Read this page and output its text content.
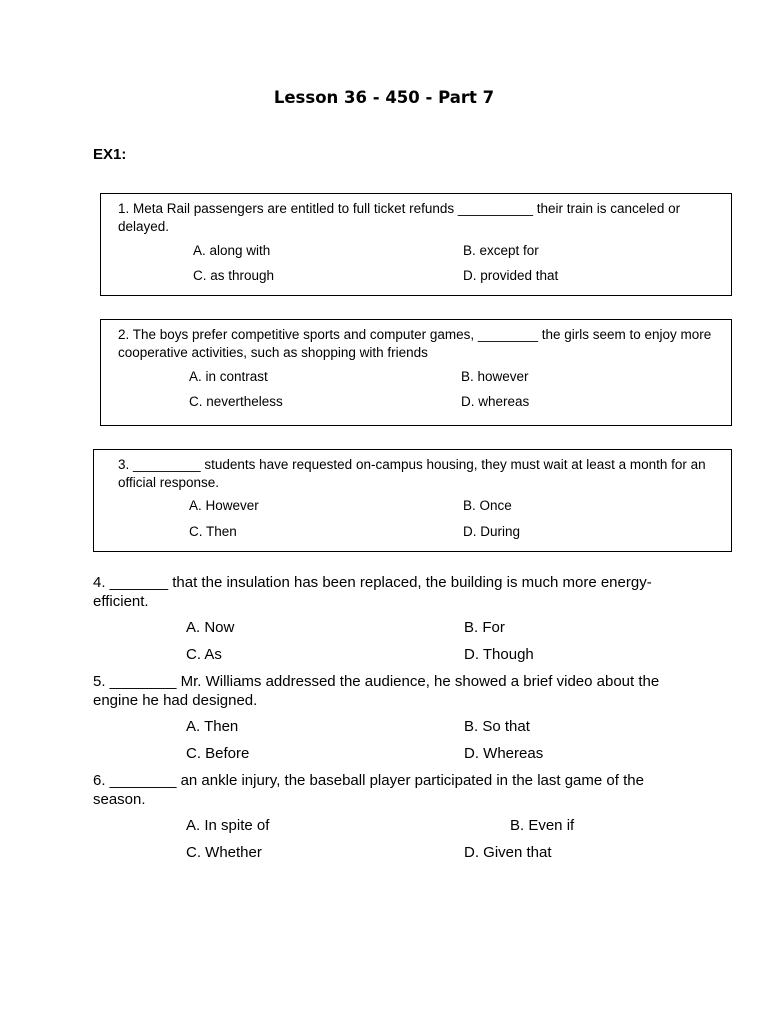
Lesson 36 - 450 - Part 7
EX1:
1. Meta Rail passengers are entitled to full ticket refunds __________ their train is canceled or delayed.
A. along with	B. except for
C. as through	D. provided that
2. The boys prefer competitive sports and computer games, ________ the girls seem to enjoy more cooperative activities, such as shopping with friends
A. in contrast	B. however
C. nevertheless	D. whereas
3. _________ students have requested on-campus housing, they must wait at least a month for an official response.
A. However	B. Once
C. Then	D. During
4. _______ that the insulation has been replaced, the building is much more energy-efficient.
A. Now	B. For
C. As	D. Though
5. ________ Mr. Williams addressed the audience, he showed a brief video about the engine he had designed.
A. Then	B. So that
C. Before	D. Whereas
6. ________ an ankle injury, the baseball player participated in the last game of the season.
A. In spite of	B. Even if
C. Whether	D. Given that
